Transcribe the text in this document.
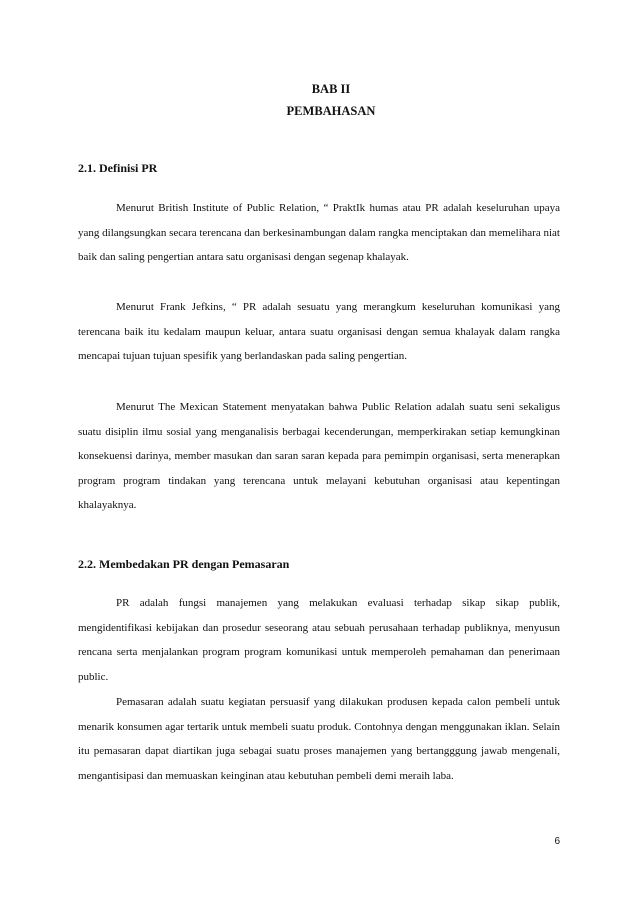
BAB II
PEMBAHASAN
2.1. Definisi PR

Menurut British Institute of Public Relation, “ PraktIk humas atau PR adalah keseluruhan upaya yang dilangsungkan secara terencana dan berkesinambungan dalam rangka menciptakan dan memelihara niat baik dan saling pengertian antara satu organisasi dengan segenap khalayak.

Menurut Frank Jefkins, “ PR adalah sesuatu yang merangkum keseluruhan komunikasi yang terencana baik itu kedalam maupun keluar, antara suatu organisasi dengan semua khalayak dalam rangka mencapai tujuan tujuan spesifik yang berlandaskan pada saling pengertian.

Menurut The Mexican Statement menyatakan bahwa Public Relation adalah suatu seni sekaligus suatu disiplin ilmu sosial yang menganalisis berbagai kecenderungan, memperkirakan setiap kemungkinan konsekuensi darinya, member masukan dan saran saran kepada para pemimpin organisasi, serta menerapkan program program tindakan yang terencana untuk melayani kebutuhan organisasi atau kepentingan khalayaknya.

2.2. Membedakan PR dengan Pemasaran

PR adalah fungsi manajemen yang melakukan evaluasi terhadap sikap sikap publik, mengidentifikasi kebijakan dan prosedur seseorang atau sebuah perusahaan terhadap publiknya, menyusun rencana serta menjalankan program program komunikasi untuk memperoleh pemahaman dan penerimaan public.

Pemasaran adalah suatu kegiatan persuasif yang dilakukan produsen kepada calon pembeli untuk menarik konsumen agar tertarik untuk membeli suatu produk. Contohnya dengan menggunakan iklan. Selain itu pemasaran dapat diartikan juga sebagai suatu proses manajemen yang bertangggung jawab mengenali, mengantisipasi dan memuaskan keinginan atau kebutuhan pembeli demi meraih laba.

6
